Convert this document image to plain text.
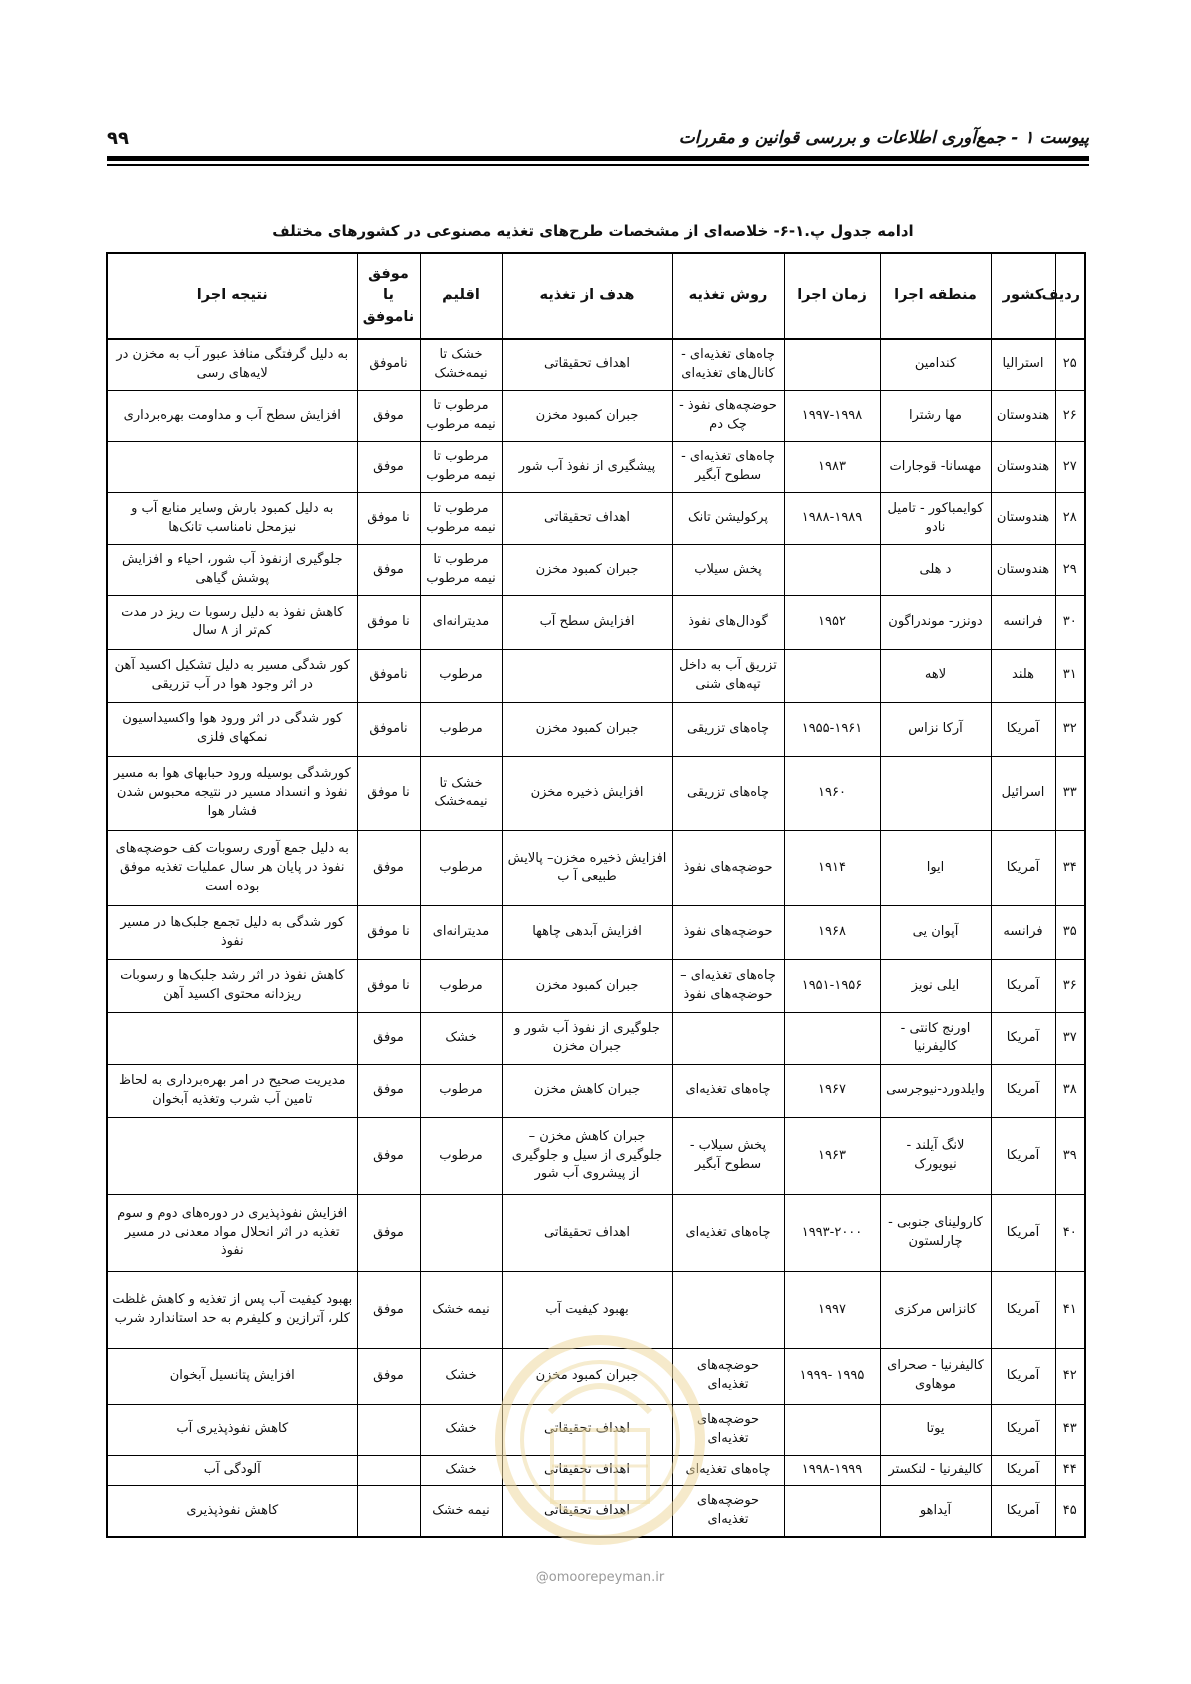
پیوست ۱ - جمع‌آوری اطلاعات و بررسی قوانین و مقررات
۹۹
ادامه جدول پ.۱-۶- خلاصه‌ای از مشخصات طرح‌های تغذیه مصنوعی در کشورهای مختلف
ردیف	کشور	منطقه اجرا	زمان اجرا	روش تغذیه	هدف از تغذیه	اقلیم	موفق یا ناموفق	نتیجه اجرا
۲۵	استرالیا	کندامین		چاه‌های تغذیه‌ای - کانال‌های تغذیه‌ای	اهداف تحقیقاتی	خشک تا نیمه‌خشک	ناموفق	به دلیل گرفتگی منافذ عبور آب به مخزن در لایه‌های رسی
۲۶	هندوستان	مها رشترا	۱۹۹۷-۱۹۹۸	حوضچه‌های نفوذ - چک دم	جبران کمبود مخزن	مرطوب تا نیمه مرطوب	موفق	افزایش سطح آب و مداومت بهره‌برداری
۲۷	هندوستان	مهسانا- قوجارات	۱۹۸۳	چاه‌های تغذیه‌ای - سطوح آبگیر	پیشگیری از نفوذ آب شور	مرطوب تا نیمه مرطوب	موفق	
۲۸	هندوستان	کوایمباکور - تامیل نادو	۱۹۸۸-۱۹۸۹	پرکولیشن تانک	اهداف تحقیقاتی	مرطوب تا نیمه مرطوب	نا موفق	به دلیل کمبود بارش وسایر منابع آب و نیزمحل نامناسب تانک‌ها
۲۹	هندوستان	د هلی		پخش سیلاب	جبران کمبود مخزن	مرطوب تا نیمه مرطوب	موفق	جلوگیری ازنفوذ آب شور، احیاء و افزایش پوشش گیاهی
۳۰	فرانسه	دونزر- موندراگون	۱۹۵۲	گودال‌های نفوذ	افزایش سطح آب	مدیترانه‌ای	نا موفق	کاهش نفوذ به دلیل رسوبا ت ریز در مدت کم‌تر از ۸ سال
۳۱	هلند	لاهه		تزریق آب به داخل تپه‌های شنی		مرطوب	ناموفق	کور شدگی مسیر به دلیل تشکیل اکسید آهن در اثر وجود هوا در آب تزریقی
۳۲	آمریکا	آرکا نزاس	۱۹۵۵-۱۹۶۱	چاه‌های تزریقی	جبران کمبود مخزن	مرطوب	ناموفق	کور شدگی در اثر ورود هوا واکسیداسیون نمکهای فلزی
۳۳	اسرائیل		۱۹۶۰	چاه‌های تزریقی	افزایش ذخیره مخزن	خشک تا نیمه‌خشک	نا موفق	کورشدگی بوسیله ورود حبابهای هوا به مسیر نفوذ و انسداد مسیر در نتیجه محبوس شدن فشار هوا
۳۴	آمریکا	ایوا	۱۹۱۴	حوضچه‌های نفوذ	افزایش ذخیره مخزن– پالایش طبیعی آ ب	مرطوب	موفق	به دلیل جمع آوری رسوبات کف حوضچه‌های نفوذ در پایان هر سال عملیات تغذیه موفق بوده است
۳۵	فرانسه	آپوان یی	۱۹۶۸	حوضچه‌های نفوذ	افزایش آبدهی چاهها	مدیترانه‌ای	نا موفق	کور شدگی به دلیل تجمع جلبک‌ها در مسیر نفوذ
۳۶	آمریکا	ایلی نویز	۱۹۵۱-۱۹۵۶	چاه‌های تغذیه‌ای – حوضچه‌های نفوذ	جبران کمبود مخزن	مرطوب	نا موفق	کاهش نفوذ در اثر رشد جلبک‌ها و رسوبات ریزدانه محتوی اکسید آهن
۳۷	آمریکا	اورنج کانتی - کالیفرنیا			جلوگیری از نفوذ آب شور و جبران مخزن	خشک	موفق	
۳۸	آمریکا	وایلدورد-نیوجرسی	۱۹۶۷	چاه‌های تغذیه‌ای	جبران کاهش مخزن	مرطوب	موفق	مدیریت صحیح در امر بهره‌برداری به لحاظ تامین آب شرب وتغذیه آبخوان
۳۹	آمریکا	لانگ آیلند - نیویورک	۱۹۶۳	پخش سیلاب - سطوح آبگیر	جبران کاهش مخزن – جلوگیری از سیل و جلوگیری از پیشروی آب شور	مرطوب	موفق	
۴۰	آمریکا	کارولینای جنوبی - چارلستون	۱۹۹۳-۲۰۰۰	چاه‌های تغذیه‌ای	اهداف تحقیقاتی		موفق	افزایش نفوذپذیری در دوره‌های دوم و سوم تغذیه در اثر انحلال مواد معدنی در مسیر نفوذ
۴۱	آمریکا	کانزاس مرکزی	۱۹۹۷		بهبود کیفیت آب	نیمه خشک	موفق	بهبود کیفیت آب پس از تغذیه و کاهش غلظت کلر، آترازین و کلیفرم به حد استاندارد شرب
۴۲	آمریکا	کالیفرنیا - صحرای موهاوی	۱۹۹۵ -۱۹۹۹	حوضچه‌های تغذیه‌ای	جبران کمبود مخزن	خشک	موفق	افزایش پتانسیل آبخوان
۴۳	آمریکا	یوتا		حوضچه‌های تغذیه‌ای	اهداف تحقیقاتی	خشک		کاهش نفوذپذیری آب
۴۴	آمریکا	کالیفرنیا - لنکستر	۱۹۹۸-۱۹۹۹	چاه‌های تغذیه‌ای	اهداف تحقیقاتی	خشک		آلودگی آب
۴۵	آمریکا	آیداهو		حوضچه‌های تغذیه‌ای	اهداف تحقیقاتی	نیمه خشک		کاهش نفوذپذیری
@omoorepeyman.ir
